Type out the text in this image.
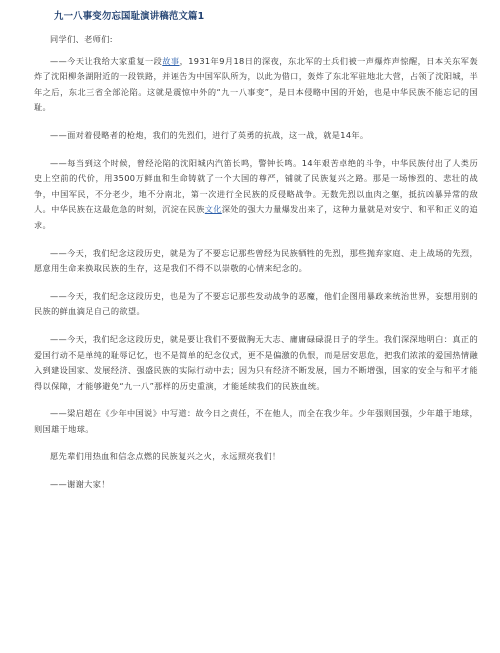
九一八事变勿忘国耻演讲稿范文篇1

同学们、老师们:

——今天让我给大家重复一段故事，1931年9月18日的深夜，东北军的士兵们被一声爆炸声惊醒，日本关东军轰炸了沈阳柳条湖附近的一段铁路，并诬告为中国军队所为，以此为借口，轰炸了东北军驻地北大营，占领了沈阳城，半年之后，东北三省全部沦陷。这就是震惊中外的“九一八事变”，是日本侵略中国的开始，也是中华民族不能忘记的国耻。

——面对着侵略者的枪炮，我们的先烈们，进行了英勇的抗战，这一战，就是14年。

——每当到这个时候，曾经沦陷的沈阳城内汽笛长鸣，警钟长鸣。14年艰苦卓绝的斗争，中华民族付出了人类历史上空前的代价，用3500万鲜血和生命铸就了一个大国的尊严，铺就了民族复兴之路。那是一场惨烈的、悲壮的战争，中国军民，不分老少，地不分南北，第一次进行全民族的反侵略战争。无数先烈以血肉之躯，抵抗凶暴异常的敌人。中华民族在这最危急的时刻，沉淀在民族文化深处的强大力量爆发出来了，这种力量就是对安宁、和平和正义的追求。

——今天，我们纪念这段历史，就是为了不要忘记那些曾经为民族牺牲的先烈，那些抛弃家庭、走上战场的先烈，愿意用生命来换取民族的生存，这是我们不得不以崇敬的心情来纪念的。

——今天，我们纪念这段历史，也是为了不要忘记那些发动战争的恶魔，他们企图用暴政来统治世界，妄想用别的民族的鲜血滴足自己的欲望。

——今天，我们纪念这段历史，就是要让我们不要做胸无大志、庸庸碌碌混日子的学生。我们深深地明白：真正的爱国行动不是单纯的耻辱记忆，也不是简单的纪念仪式，更不是偏激的仇恨，而是居安思危，把我们浓浓的爱国热情融入到建设国家、发展经济、强盛民族的实际行动中去；因为只有经济不断发展，国力不断增强，国家的安全与和平才能得以保障，才能够避免“九一八”那样的历史重演，才能延续我们的民族血统。

——梁启超在《少年中国说》中写道：故今日之责任，不在他人，而全在我少年。少年强则国强，少年雄于地球，则国雄于地球。

愿先辈们用热血和信念点燃的民族复兴之火，永远照亮我们！

——谢谢大家！
